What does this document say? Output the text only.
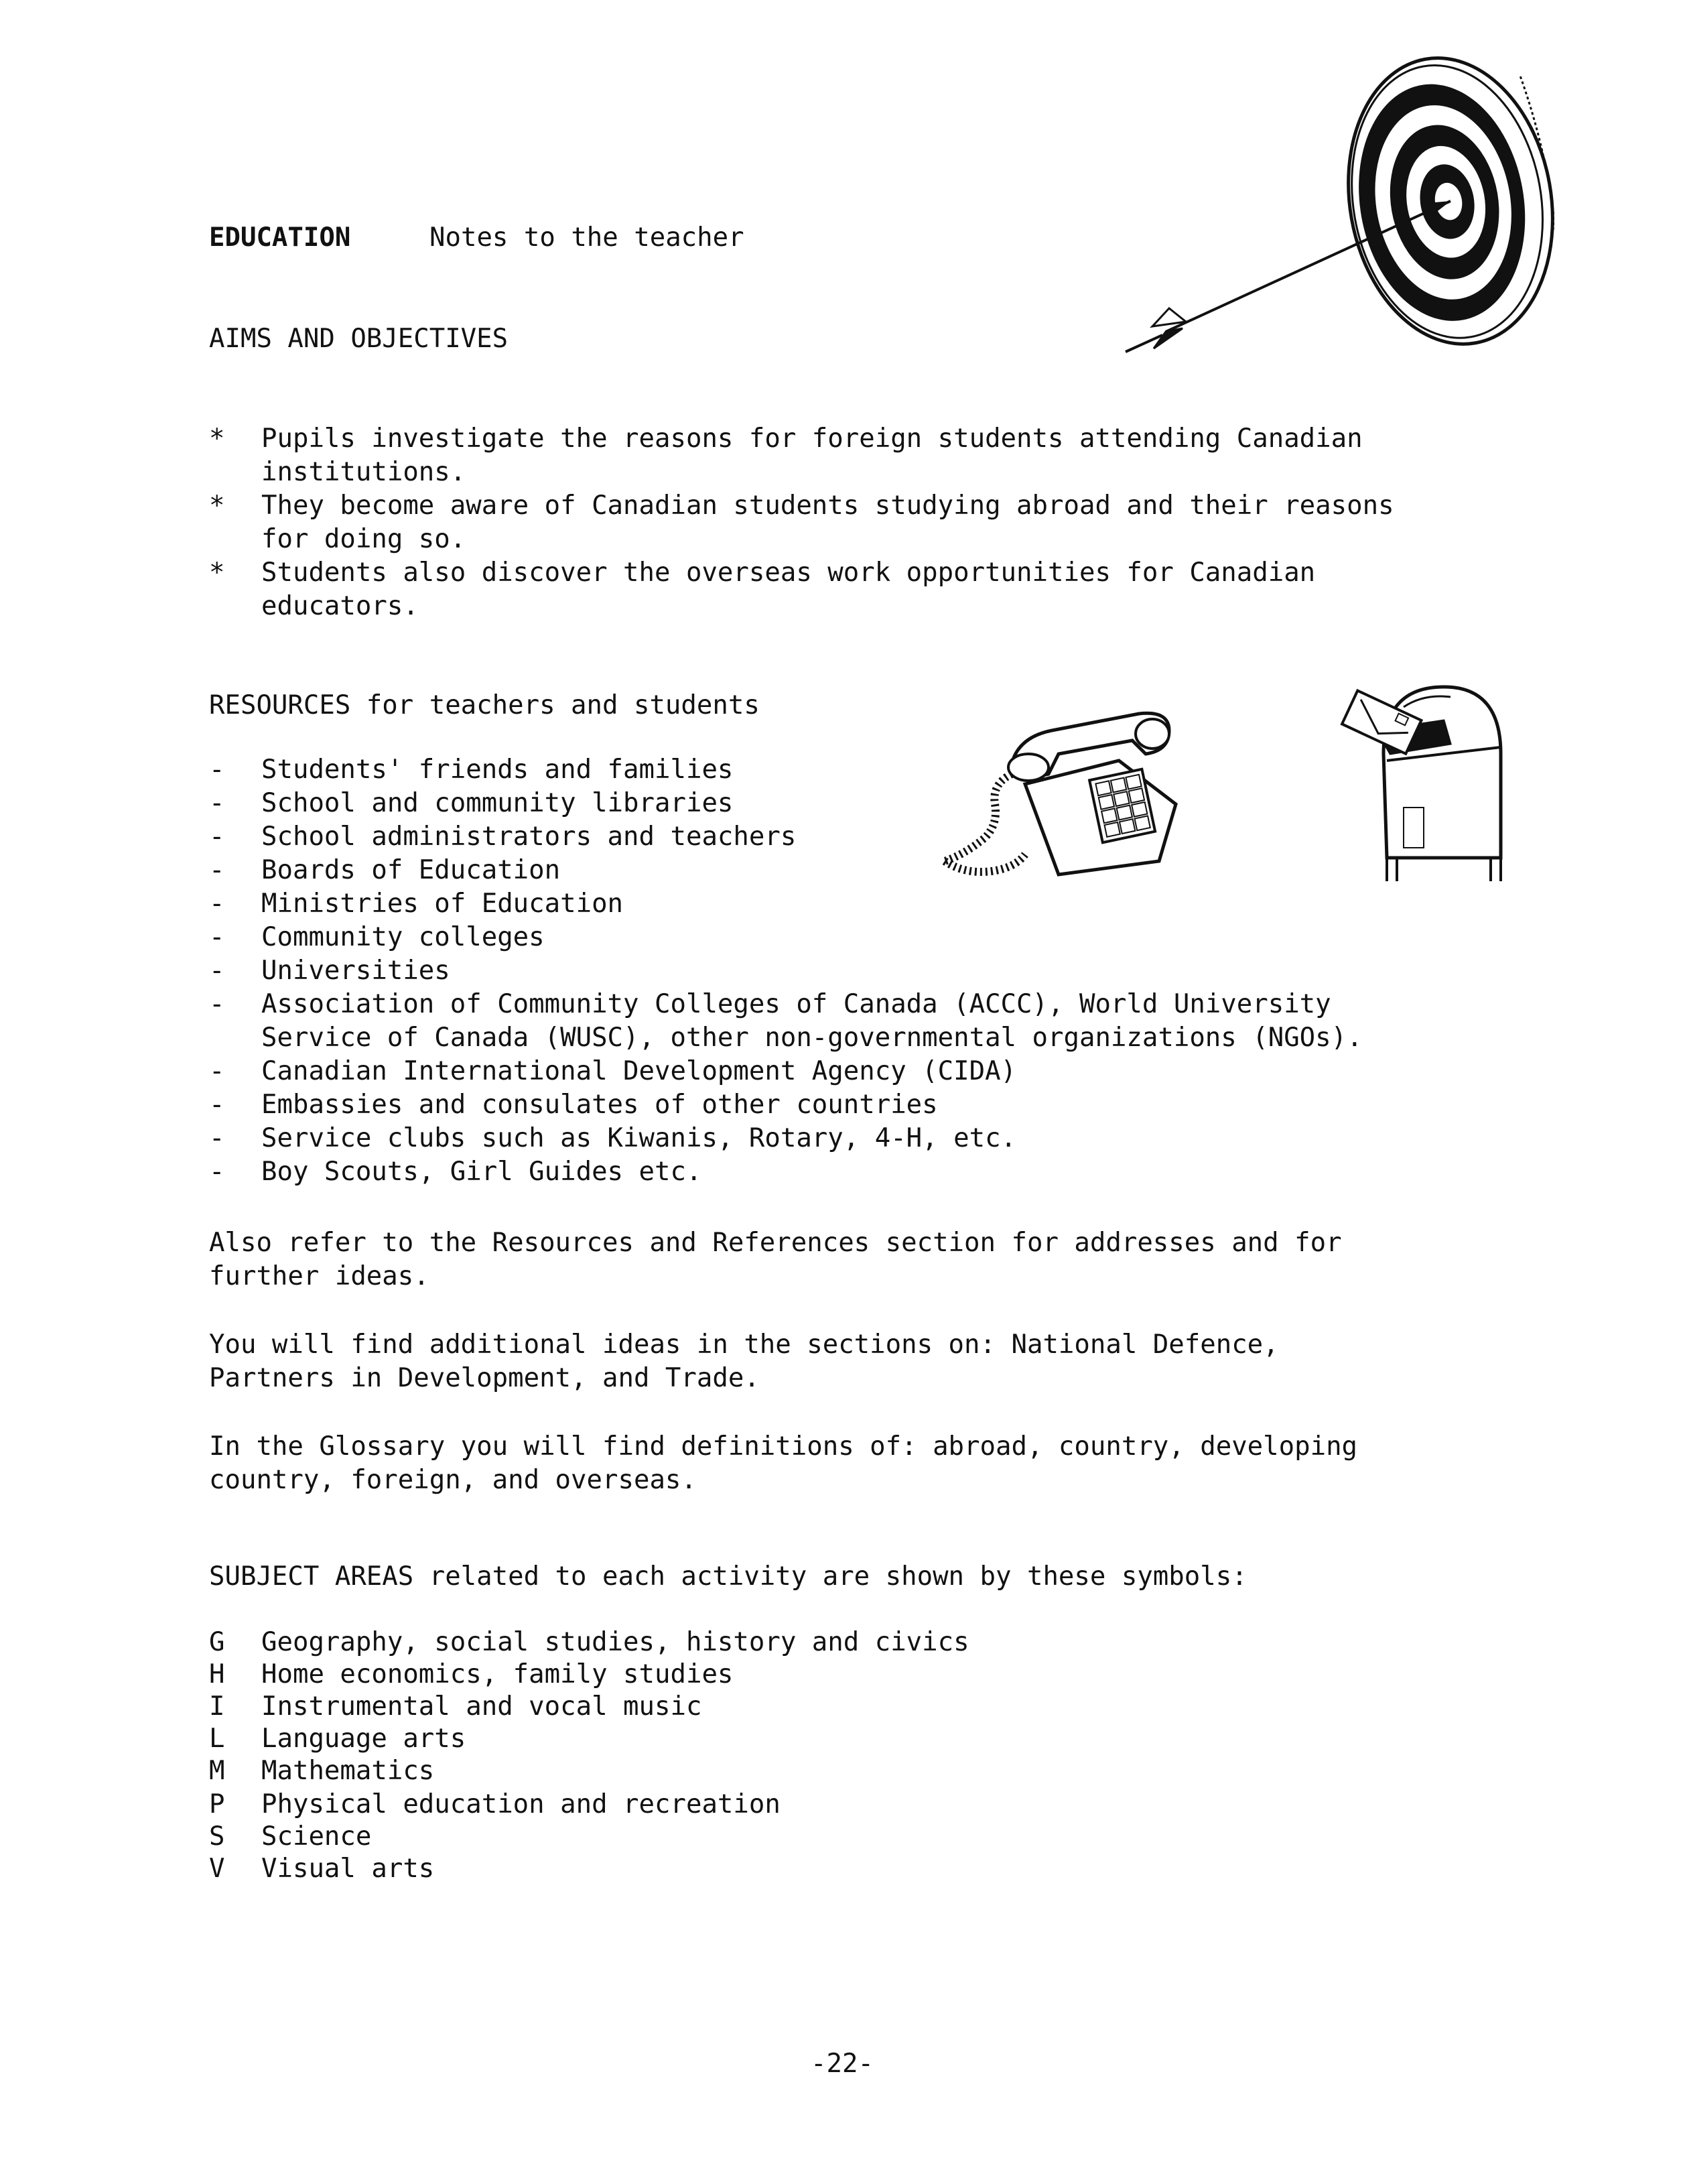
EDUCATION	Notes to the teacher
AIMS AND OBJECTIVES
* Pupils investigate the reasons for foreign students attending Canadian
institutions.
* They become aware of Canadian students studying abroad and their reasons
for doing so.
* Students also discover the overseas work opportunities for Canadian
educators.
RESOURCES for teachers and students
- Students' friends and families
- School and community libraries
- School administrators and teachers
- Boards of Education
- Ministries of Education
- Community colleges
- Universities
- Association of Community Colleges of Canada (ACCC), World University
Service of Canada (WUSC), other non-governmental organizations (NGOs).
- Canadian International Development Agency (CIDA)
- Embassies and consulates of other countries
- Service clubs such as Kiwanis, Rotary, 4-H, etc.
- Boy Scouts, Girl Guides etc.
Also refer to the Resources and References section for addresses and for
further ideas.
You will find additional ideas in the sections on: National Defence,
Partners in Development, and Trade.
In the Glossary you will find definitions of: abroad, country, developing
country, foreign, and overseas.
SUBJECT AREAS related to each activity are shown by these symbols:
G Geography, social studies, history and civics
H Home economics, family studies
I Instrumental and vocal music
L Language arts
M Mathematics
P Physical education and recreation
S Science
V Visual arts
-22-
